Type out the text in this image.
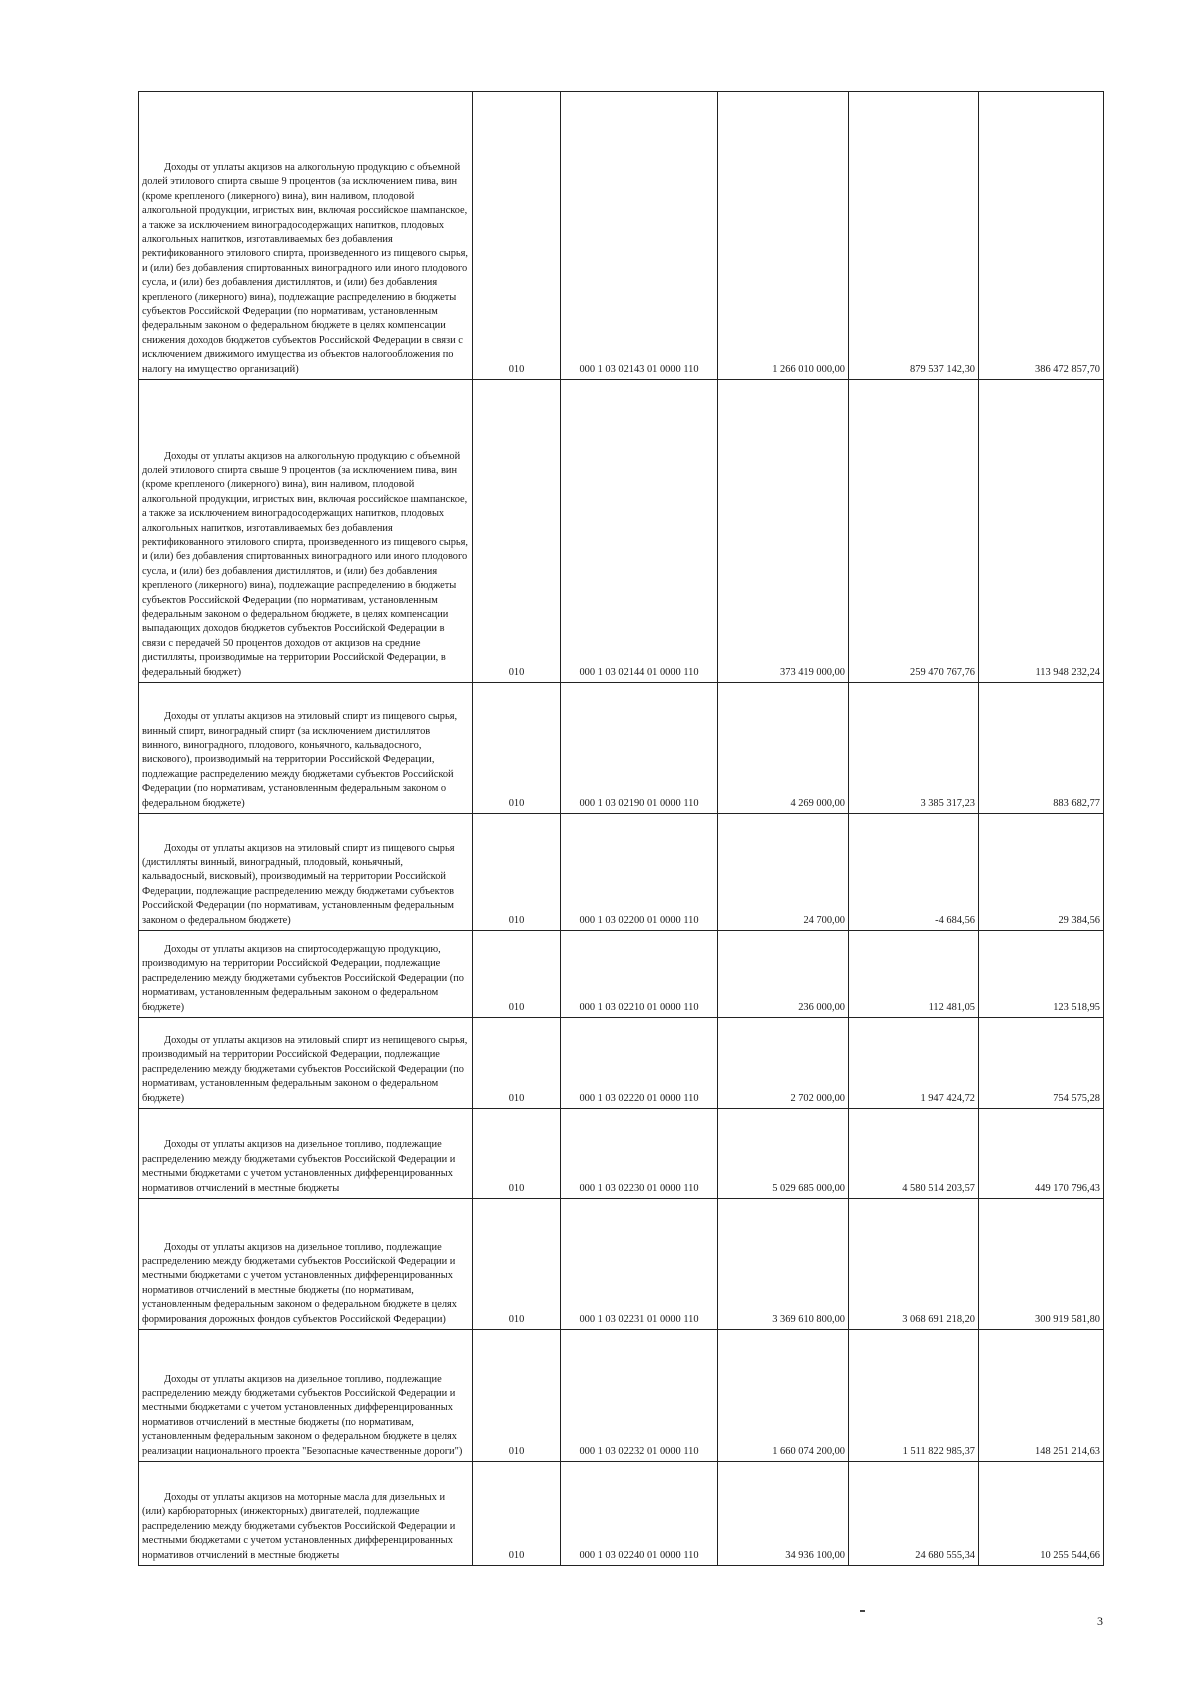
Доходы от уплаты акцизов на алкогольную продукцию с объемной долей этилового спирта свыше 9 процентов (за исключением пива, вин (кроме крепленого (ликерного) вина), вин наливом, плодовой алкогольной продукции, игристых вин, включая российское шампанское, а также за исключением виноградосодержащих напитков, плодовых алкогольных напитков, изготавливаемых без добавления ректификованного этилового спирта, произведенного из пищевого сырья, и (или) без добавления спиртованных виноградного или иного плодового сусла, и (или) без добавления дистиллятов, и (или) без добавления крепленого (ликерного) вина), подлежащие распределению в бюджеты субъектов Российской Федерации (по нормативам, установленным федеральным законом о федеральном бюджете в целях компенсации снижения доходов бюджетов субъектов Российской Федерации в связи с исключением движимого имущества из объектов налогообложения по налогу на имущество организаций)	010	000 1 03 02143 01 0000 110	1 266 010 000,00	879 537 142,30	386 472 857,70

Доходы от уплаты акцизов на алкогольную продукцию с объемной долей этилового спирта свыше 9 процентов (за исключением пива, вин (кроме крепленого (ликерного) вина), вин наливом, плодовой алкогольной продукции, игристых вин, включая российское шампанское, а также за исключением виноградосодержащих напитков, плодовых алкогольных напитков, изготавливаемых без добавления ректификованного этилового спирта, произведенного из пищевого сырья, и (или) без добавления спиртованных виноградного или иного плодового сусла, и (или) без добавления дистиллятов, и (или) без добавления крепленого (ликерного) вина), подлежащие распределению в бюджеты субъектов Российской Федерации (по нормативам, установленным федеральным законом о федеральном бюджете, в целях компенсации выпадающих доходов бюджетов субъектов Российской Федерации в связи с передачей 50 процентов доходов от акцизов на средние дистилляты, производимые на территории Российской Федерации, в федеральный бюджет)	010	000 1 03 02144 01 0000 110	373 419 000,00	259 470 767,76	113 948 232,24

Доходы от уплаты акцизов на этиловый спирт из пищевого сырья, винный спирт, виноградный спирт (за исключением дистиллятов винного, виноградного, плодового, коньячного, кальвадосного, вискового), производимый на территории Российской Федерации, подлежащие распределению между бюджетами субъектов Российской Федерации (по нормативам, установленным федеральным законом о федеральном бюджете)	010	000 1 03 02190 01 0000 110	4 269 000,00	3 385 317,23	883 682,77

Доходы от уплаты акцизов на этиловый спирт из пищевого сырья (дистилляты винный, виноградный, плодовый, коньячный, кальвадосный, висковый), производимый на территории Российской Федерации, подлежащие распределению между бюджетами субъектов Российской Федерации (по нормативам, установленным федеральным законом о федеральном бюджете)	010	000 1 03 02200 01 0000 110	24 700,00	-4 684,56	29 384,56

Доходы от уплаты акцизов на спиртосодержащую продукцию, производимую на территории Российской Федерации, подлежащие распределению между бюджетами субъектов Российской Федерации (по нормативам, установленным федеральным законом о федеральном бюджете)	010	000 1 03 02210 01 0000 110	236 000,00	112 481,05	123 518,95

Доходы от уплаты акцизов на этиловый спирт из непищевого сырья, производимый на территории Российской Федерации, подлежащие распределению между бюджетами субъектов Российской Федерации (по нормативам, установленным федеральным законом о федеральном бюджете)	010	000 1 03 02220 01 0000 110	2 702 000,00	1 947 424,72	754 575,28

Доходы от уплаты акцизов на дизельное топливо, подлежащие распределению между бюджетами субъектов Российской Федерации и местными бюджетами с учетом установленных дифференцированных нормативов отчислений в местные бюджеты	010	000 1 03 02230 01 0000 110	5 029 685 000,00	4 580 514 203,57	449 170 796,43

Доходы от уплаты акцизов на дизельное топливо, подлежащие распределению между бюджетами субъектов Российской Федерации и местными бюджетами с учетом установленных дифференцированных нормативов отчислений в местные бюджеты (по нормативам, установленным федеральным законом о федеральном бюджете в целях формирования дорожных фондов субъектов Российской Федерации)	010	000 1 03 02231 01 0000 110	3 369 610 800,00	3 068 691 218,20	300 919 581,80

Доходы от уплаты акцизов на дизельное топливо, подлежащие распределению между бюджетами субъектов Российской Федерации и местными бюджетами с учетом установленных дифференцированных нормативов отчислений в местные бюджеты (по нормативам, установленным федеральным законом о федеральном бюджете в целях реализации национального проекта "Безопасные качественные дороги")	010	000 1 03 02232 01 0000 110	1 660 074 200,00	1 511 822 985,37	148 251 214,63

Доходы от уплаты акцизов на моторные масла для дизельных и (или) карбюраторных (инжекторных) двигателей, подлежащие распределению между бюджетами субъектов Российской Федерации и местными бюджетами с учетом установленных дифференцированных нормативов отчислений в местные бюджеты	010	000 1 03 02240 01 0000 110	34 936 100,00	24 680 555,34	10 255 544,66
3
